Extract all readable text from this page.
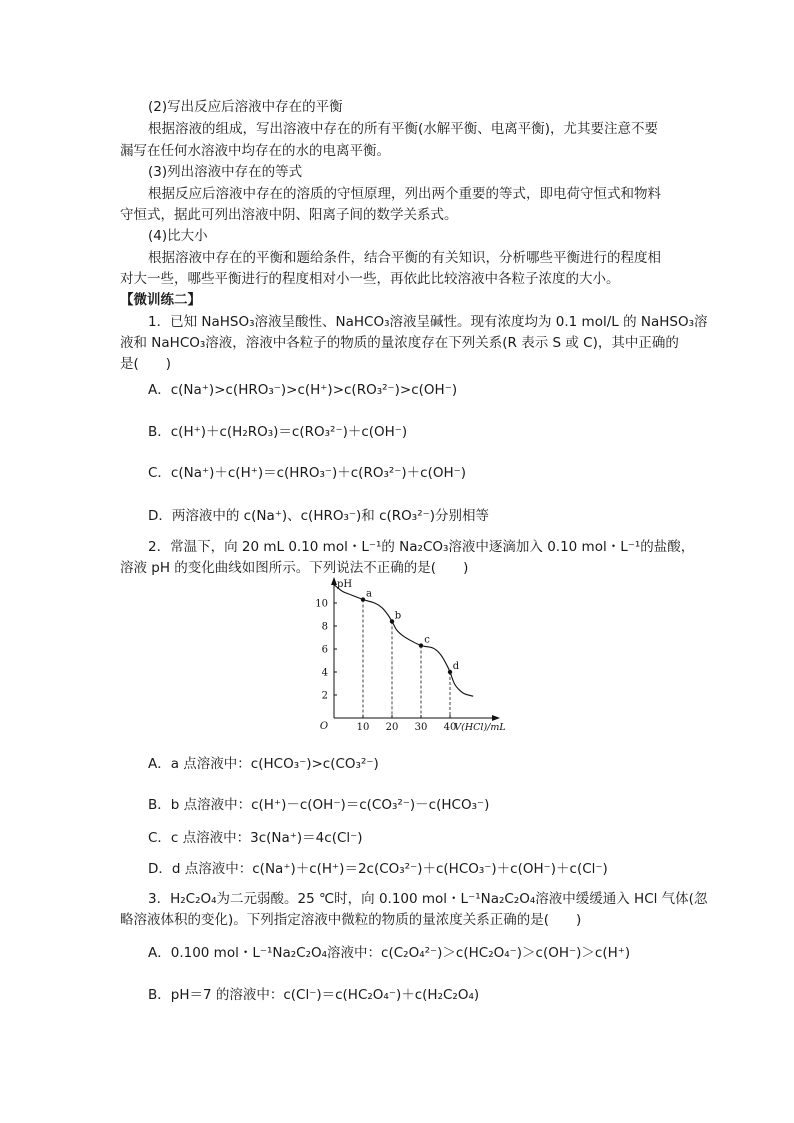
(2)写出反应后溶液中存在的平衡
根据溶液的组成，写出溶液中存在的所有平衡(水解平衡、电离平衡)，尤其要注意不要
漏写在任何水溶液中均存在的水的电离平衡。
(3)列出溶液中存在的等式
根据反应后溶液中存在的溶质的守恒原理，列出两个重要的等式，即电荷守恒式和物料
守恒式，据此可列出溶液中阴、阳离子间的数学关系式。
(4)比大小
根据溶液中存在的平衡和题给条件，结合平衡的有关知识，分析哪些平衡进行的程度相
对大一些，哪些平衡进行的程度相对小一些，再依此比较溶液中各粒子浓度的大小。
【微训练二】
1．已知 NaHSO₃溶液呈酸性、NaHCO₃溶液呈碱性。现有浓度均为 0.1 mol/L 的 NaHSO₃溶
液和 NaHCO₃溶液，溶液中各粒子的物质的量浓度存在下列关系(R 表示 S 或 C)，其中正确的
是(　　)
A．c(Na⁺)>c(HRO₃⁻)>c(H⁺)>c(RO₃²⁻)>c(OH⁻)
B．c(H⁺)＋c(H₂RO₃)＝c(RO₃²⁻)＋c(OH⁻)
C．c(Na⁺)＋c(H⁺)＝c(HRO₃⁻)＋c(RO₃²⁻)＋c(OH⁻)
D．两溶液中的 c(Na⁺)、c(HRO₃⁻)和 c(RO₃²⁻)分别相等
2．常温下，向 20 mL 0.10 mol・L⁻¹的 Na₂CO₃溶液中逐滴加入 0.10 mol・L⁻¹的盐酸，
溶液 pH 的变化曲线如图所示。下列说法不正确的是(　　)
pH
O	V(HCl)/mL
2
4
6
8
10
10 20 30 40
a
b
c
d
A．a 点溶液中：c(HCO₃⁻)>c(CO₃²⁻)
B．b 点溶液中：c(H⁺)－c(OH⁻)＝c(CO₃²⁻)－c(HCO₃⁻)
C．c 点溶液中：3c(Na⁺)＝4c(Cl⁻)
D．d 点溶液中：c(Na⁺)＋c(H⁺)＝2c(CO₃²⁻)＋c(HCO₃⁻)＋c(OH⁻)＋c(Cl⁻)
3．H₂C₂O₄为二元弱酸。25 ℃时，向 0.100 mol・L⁻¹Na₂C₂O₄溶液中缓缓通入 HCl 气体(忽
略溶液体积的变化)。下列指定溶液中微粒的物质的量浓度关系正确的是(　　)
A．0.100 mol・L⁻¹Na₂C₂O₄溶液中：c(C₂O₄²⁻)＞c(HC₂O₄⁻)＞c(OH⁻)＞c(H⁺)
B．pH＝7 的溶液中：c(Cl⁻)＝c(HC₂O₄⁻)＋c(H₂C₂O₄)
